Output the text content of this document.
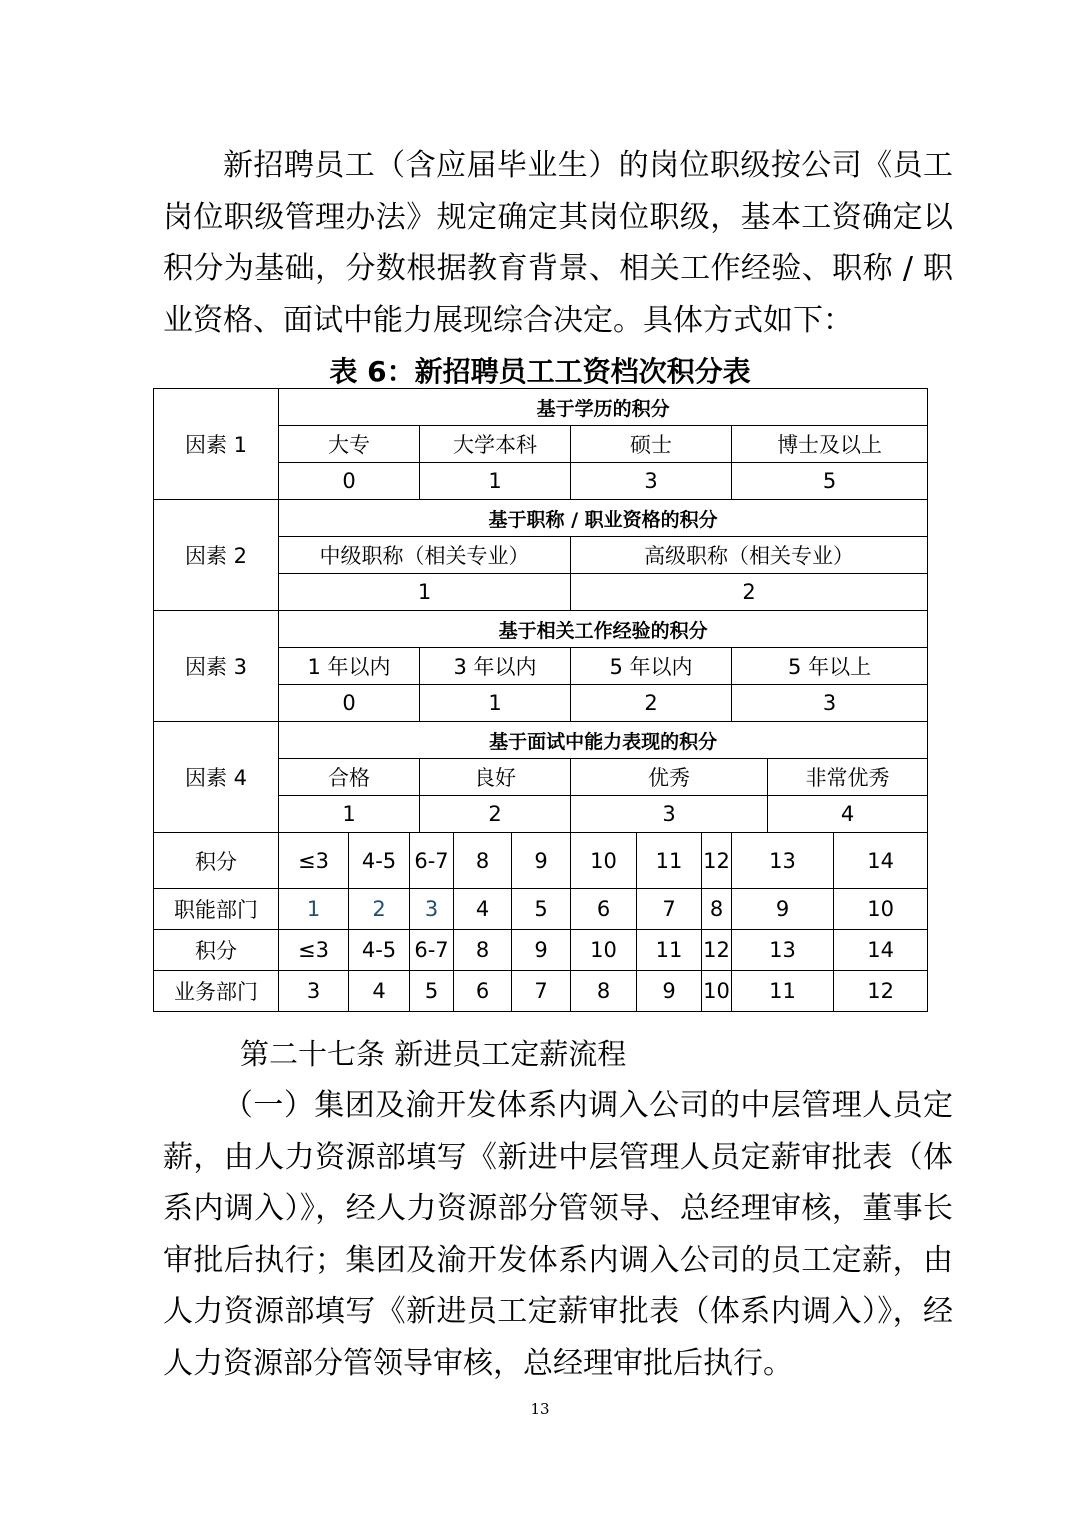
新招聘员工（含应届毕业生）的岗位职级按公司《员工岗位职级管理办法》规定确定其岗位职级，基本工资确定以积分为基础，分数根据教育背景、相关工作经验、职称 / 职业资格、面试中能力展现综合决定。具体方式如下：

表 6：新招聘员工工资档次积分表
因素 1	基于学历的积分											
	大专			大学本科			硕士			博士及以上		
	0			1			3			5		
因素 2	基于职称 / 职业资格的积分											
	中级职称（相关专业）						高级职称（相关专业）					
	1						2					
因素 3	基于相关工作经验的积分											
	1 年以内			3 年以内			5 年以内			5 年以上		
	0			1			2			3		
因素 4	基于面试中能力表现的积分											
	合格			良好			优秀				非常优秀	
	1			2			3				4	
积分	≤3	4-5	6-7		8	9	10	11	12	13		14
职能部门	1	2	3		4	5	6	7	8	9		10
积分	≤3	4-5	6-7		8	9	10	11	12	13		14
业务部门	3	4	5		6	7	8	9	10	11		12
第二十七条 新进员工定薪流程

（一）集团及渝开发体系内调入公司的中层管理人员定薪，由人力资源部填写《新进中层管理人员定薪审批表（体系内调入）》，经人力资源部分管领导、总经理审核，董事长审批后执行；集团及渝开发体系内调入公司的员工定薪，由人力资源部填写《新进员工定薪审批表（体系内调入）》，经人力资源部分管领导审核，总经理审批后执行。

13
